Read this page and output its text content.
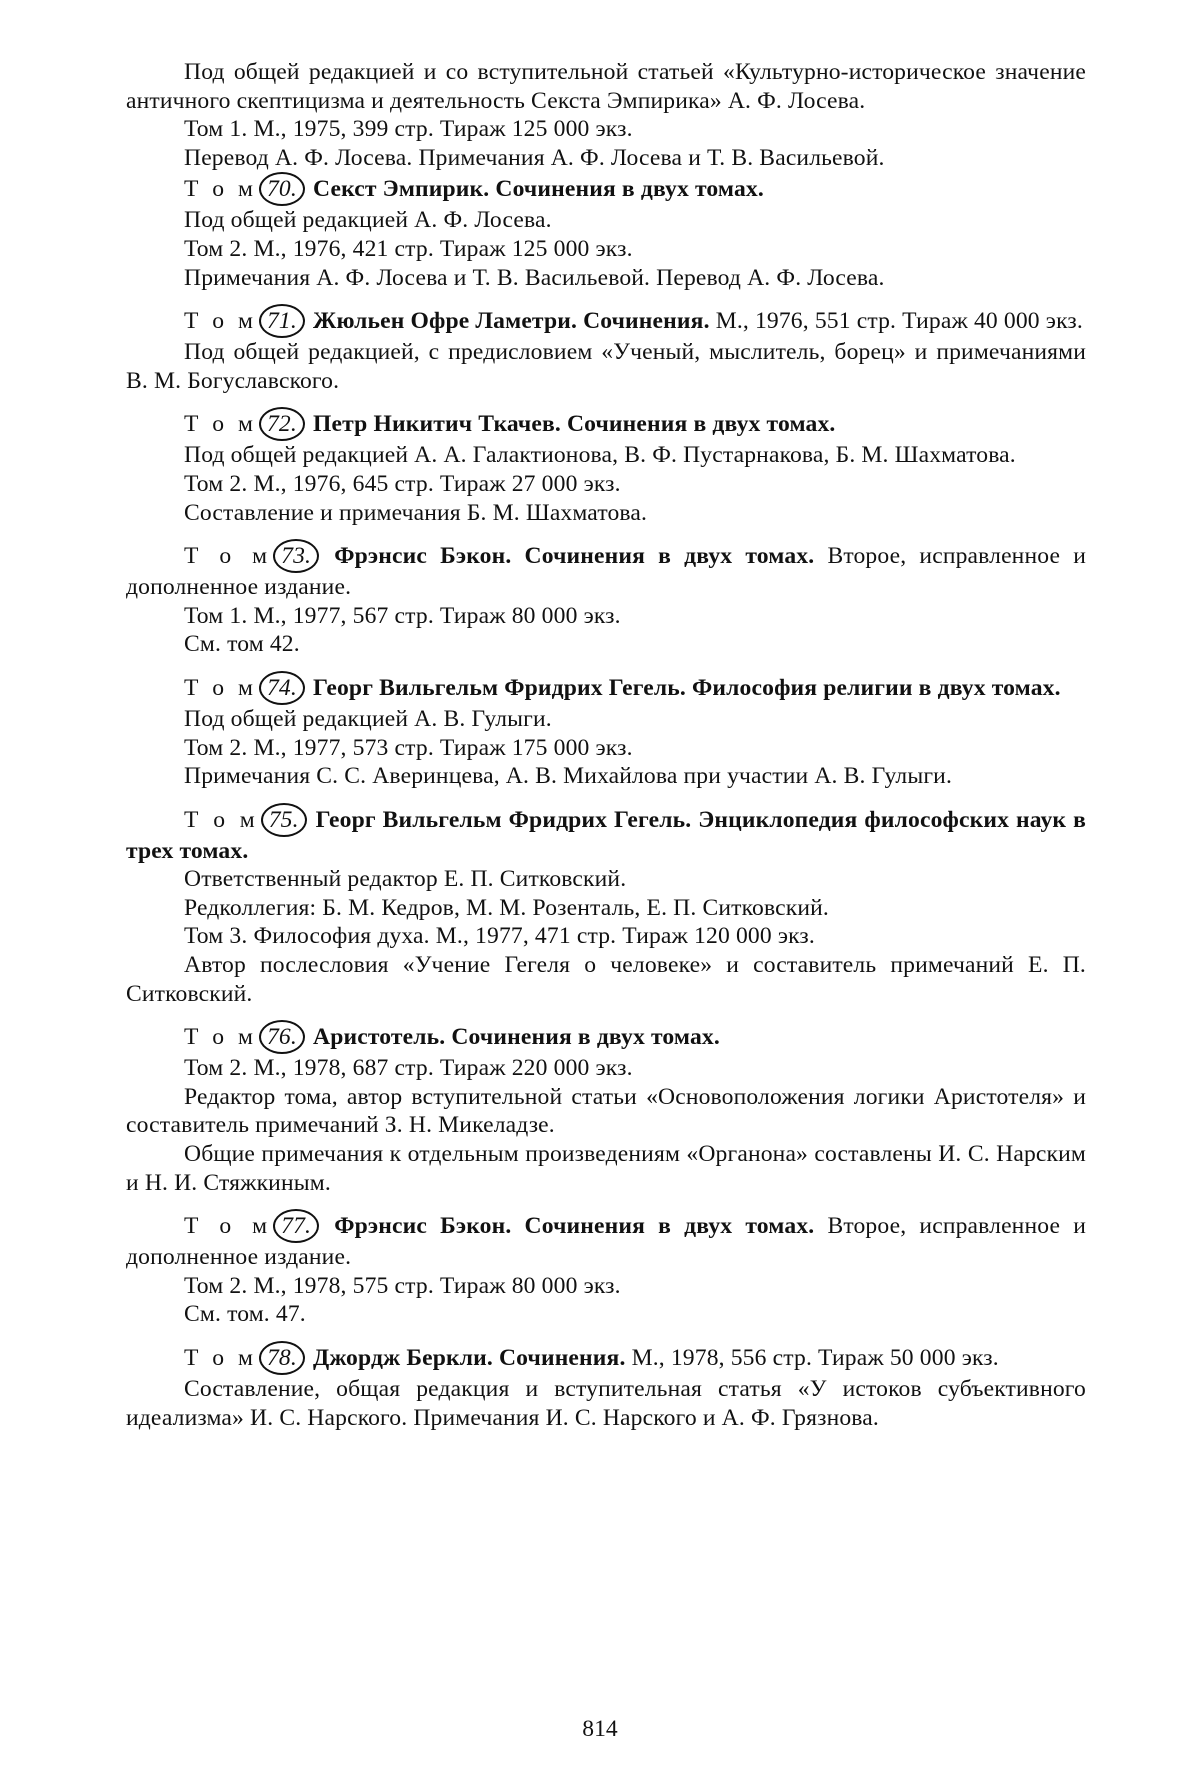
Под общей редакцией и со вступительной статьей «Культурно-историческое значение античного скептицизма и деятельность Секста Эмпирика» А. Ф. Лосева.

Том 1. М., 1975, 399 стр. Тираж 125 000 экз.

Перевод А. Ф. Лосева. Примечания А. Ф. Лосева и Т. В. Васильевой.

Т о м 70. Секст Эмпирик. Сочинения в двух томах.

Под общей редакцией А. Ф. Лосева.

Том 2. М., 1976, 421 стр. Тираж 125 000 экз.

Примечания А. Ф. Лосева и Т. В. Васильевой. Перевод А. Ф. Лосева.

Т о м 71. Жюльен Офре Ламетри. Сочинения. М., 1976, 551 стр. Тираж 40 000 экз.

Под общей редакцией, с предисловием «Ученый, мыслитель, борец» и примечаниями В. М. Богуславского.

Т о м 72. Петр Никитич Ткачев. Сочинения в двух томах.

Под общей редакцией А. А. Галактионова, В. Ф. Пустарнакова, Б. М. Шахматова.

Том 2. М., 1976, 645 стр. Тираж 27 000 экз.

Составление и примечания Б. М. Шахматова.

Т о м 73. Фрэнсис Бэкон. Сочинения в двух томах. Второе, исправленное и дополненное издание.

Том 1. М., 1977, 567 стр. Тираж 80 000 экз.

См. том 42.

Т о м 74. Георг Вильгельм Фридрих Гегель. Философия религии в двух томах.

Под общей редакцией А. В. Гулыги.

Том 2. М., 1977, 573 стр. Тираж 175 000 экз.

Примечания С. С. Аверинцева, А. В. Михайлова при участии А. В. Гулыги.

Т о м 75. Георг Вильгельм Фридрих Гегель. Энциклопедия философских наук в трех томах.

Ответственный редактор Е. П. Ситковский.

Редколлегия: Б. М. Кедров, М. М. Розенталь, Е. П. Ситковский.

Том 3. Философия духа. М., 1977, 471 стр. Тираж 120 000 экз.

Автор послесловия «Учение Гегеля о человеке» и составитель примечаний Е. П. Ситковский.

Т о м 76. Аристотель. Сочинения в двух томах.

Том 2. М., 1978, 687 стр. Тираж 220 000 экз.

Редактор тома, автор вступительной статьи «Основоположения логики Аристотеля» и составитель примечаний З. Н. Микеладзе.

Общие примечания к отдельным произведениям «Органона» составлены И. С. Нарским и Н. И. Стяжкиным.

Т о м 77. Фрэнсис Бэкон. Сочинения в двух томах. Второе, исправленное и дополненное издание.

Том 2. М., 1978, 575 стр. Тираж 80 000 экз.

См. том. 47.

Т о м 78. Джордж Беркли. Сочинения. М., 1978, 556 стр. Тираж 50 000 экз.

Составление, общая редакция и вступительная статья «У истоков субъективного идеализма» И. С. Нарского. Примечания И. С. Нарского и А. Ф. Грязнова.

814
